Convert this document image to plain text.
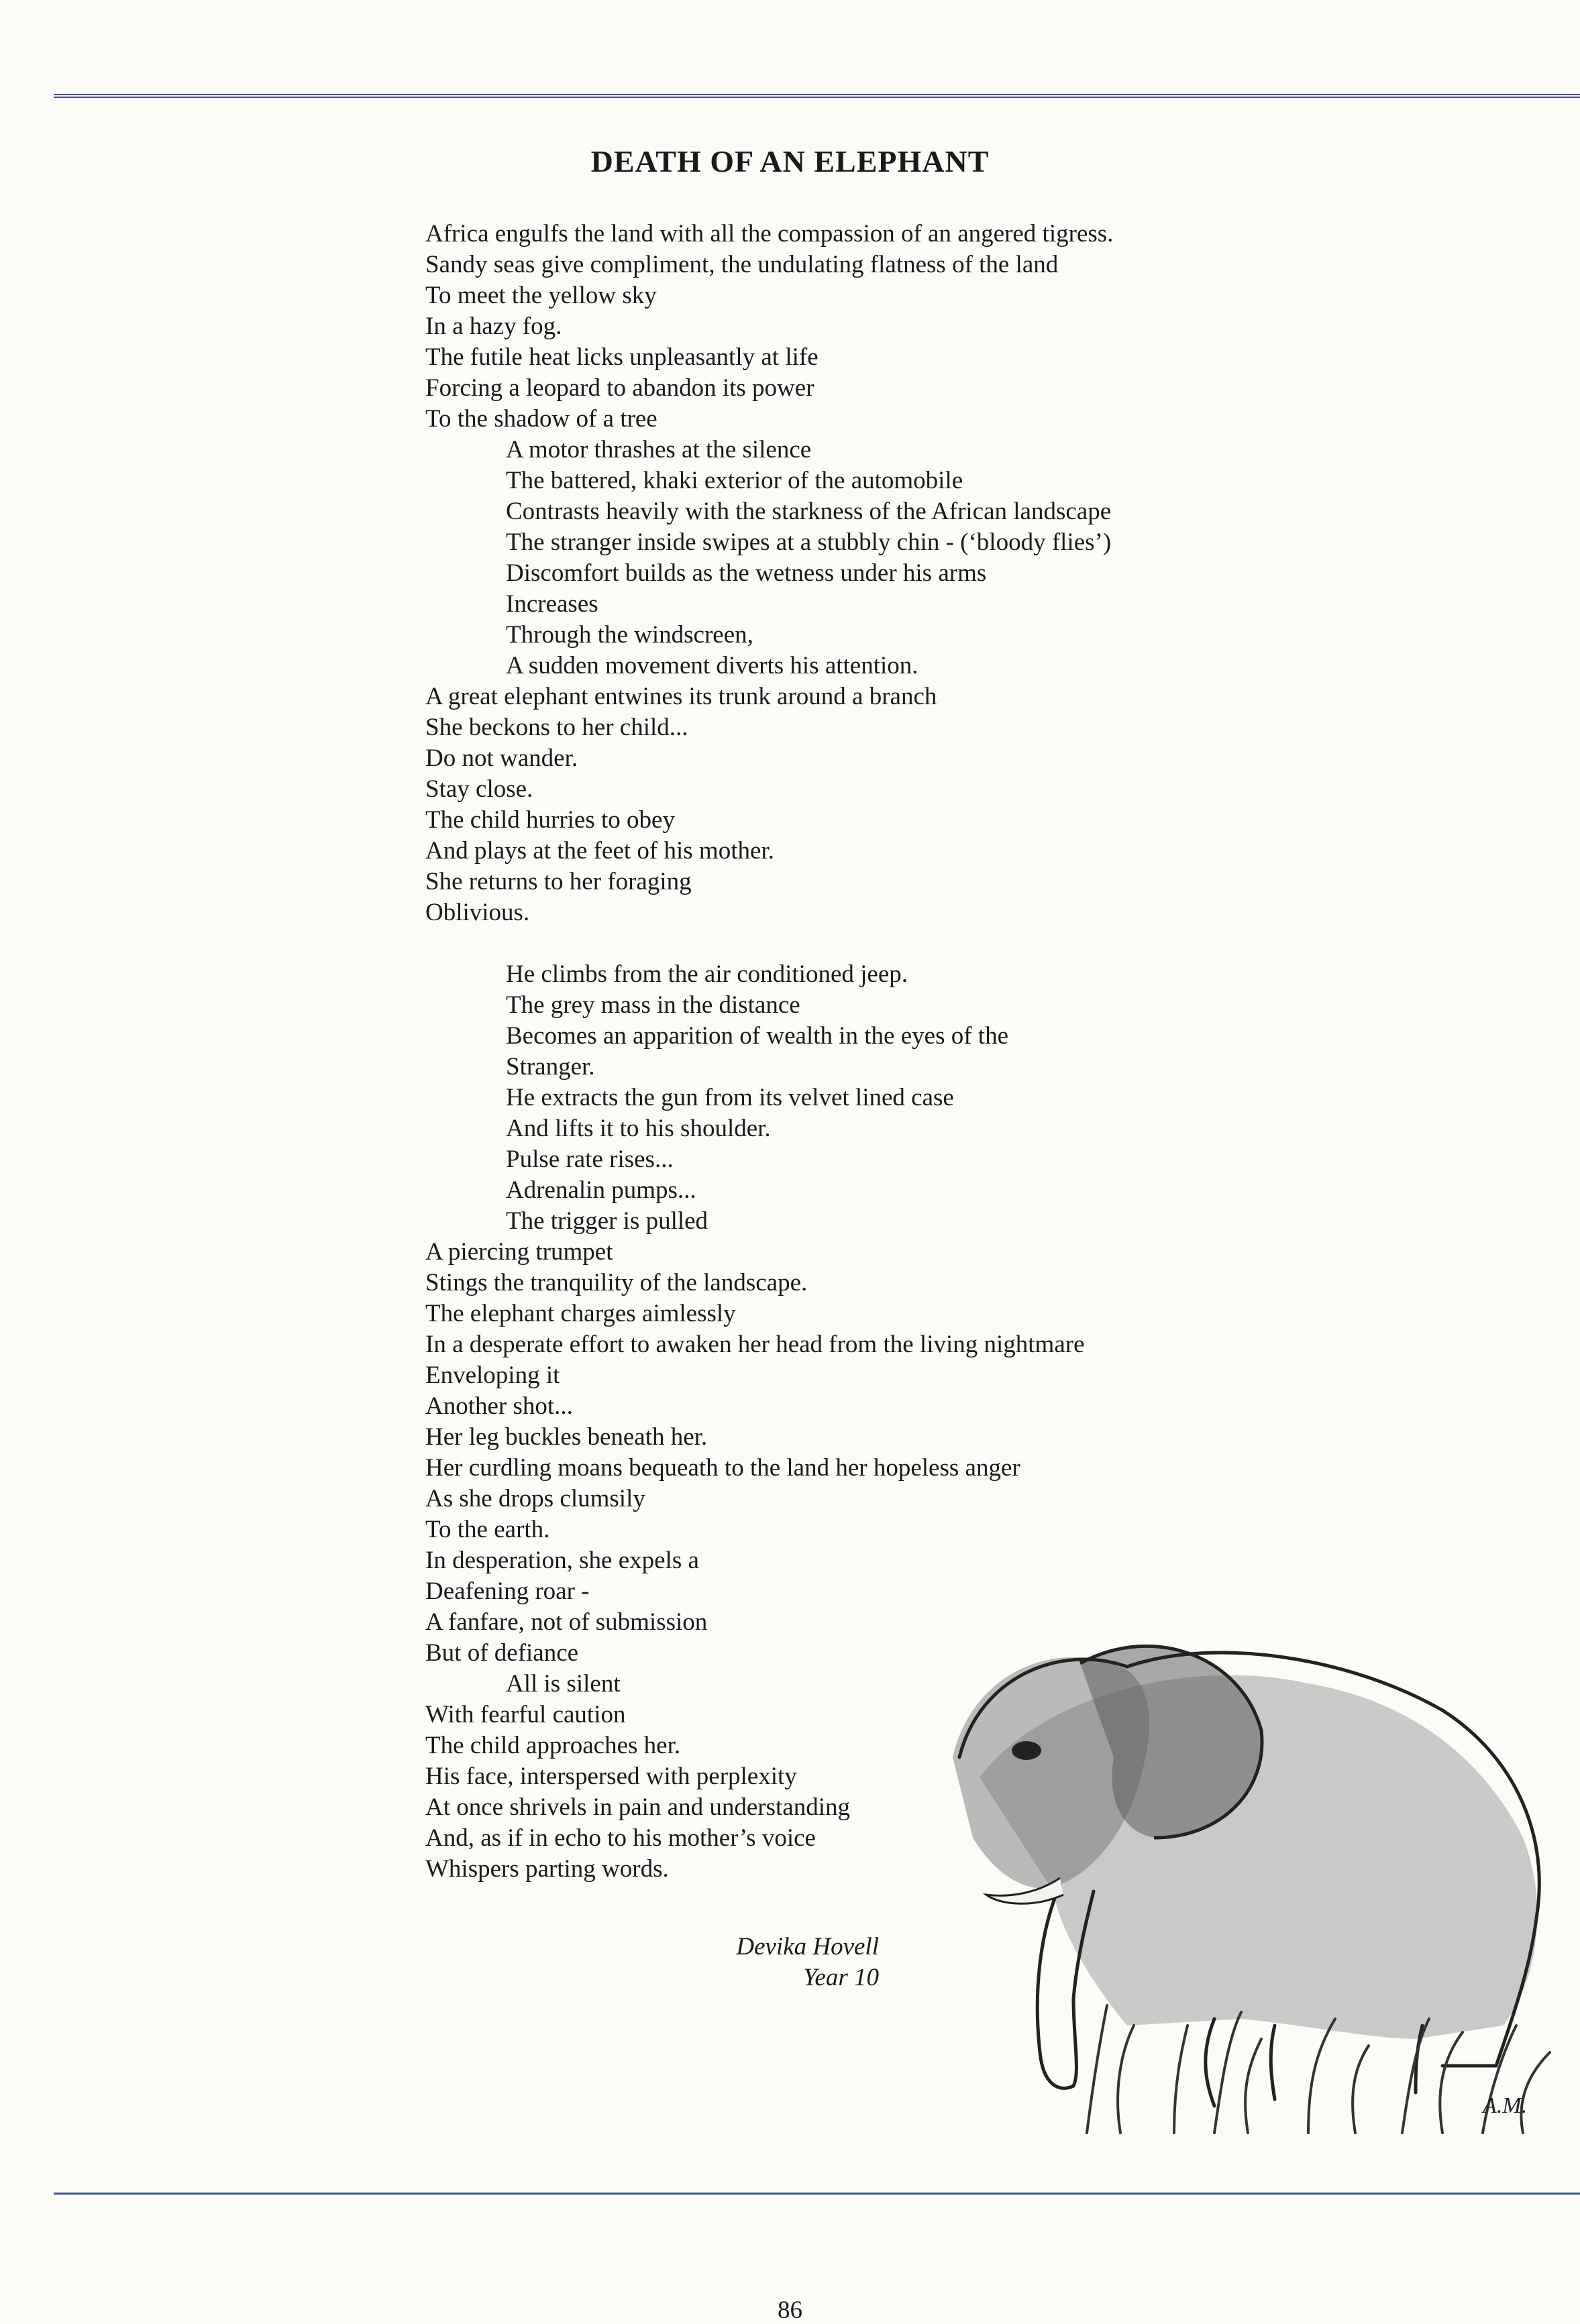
DEATH OF AN ELEPHANT
Africa engulfs the land with all the compassion of an angered tigress.
Sandy seas give compliment, the undulating flatness of the land
To meet the yellow sky
In a hazy fog.
The futile heat licks unpleasantly at life
Forcing a leopard to abandon its power
To the shadow of a tree
A motor thrashes at the silence
The battered, khaki exterior of the automobile
Contrasts heavily with the starkness of the African landscape
The stranger inside swipes at a stubbly chin - (‘bloody flies’)
Discomfort builds as the wetness under his arms
Increases
Through the windscreen,
A sudden movement diverts his attention.
A great elephant entwines its trunk around a branch
She beckons to her child...
Do not wander.
Stay close.
The child hurries to obey
And plays at the feet of his mother.
She returns to her foraging
Oblivious.
He climbs from the air conditioned jeep.
The grey mass in the distance
Becomes an apparition of wealth in the eyes of the
Stranger.
He extracts the gun from its velvet lined case
And lifts it to his shoulder.
Pulse rate rises...
Adrenalin pumps...
The trigger is pulled
A piercing trumpet
Stings the tranquility of the landscape.
The elephant charges aimlessly
In a desperate effort to awaken her head from the living nightmare
Enveloping it
Another shot...
Her leg buckles beneath her.
Her curdling moans bequeath to the land her hopeless anger
As she drops clumsily
To the earth.
In desperation, she expels a
Deafening roar -
A fanfare, not of submission
But of defiance
All is silent
With fearful caution
The child approaches her.
His face, interspersed with perplexity
At once shrivels in pain and understanding
And, as if in echo to his mother’s voice
Whispers parting words.
Devika Hovell
Year 10
A.M.
86
